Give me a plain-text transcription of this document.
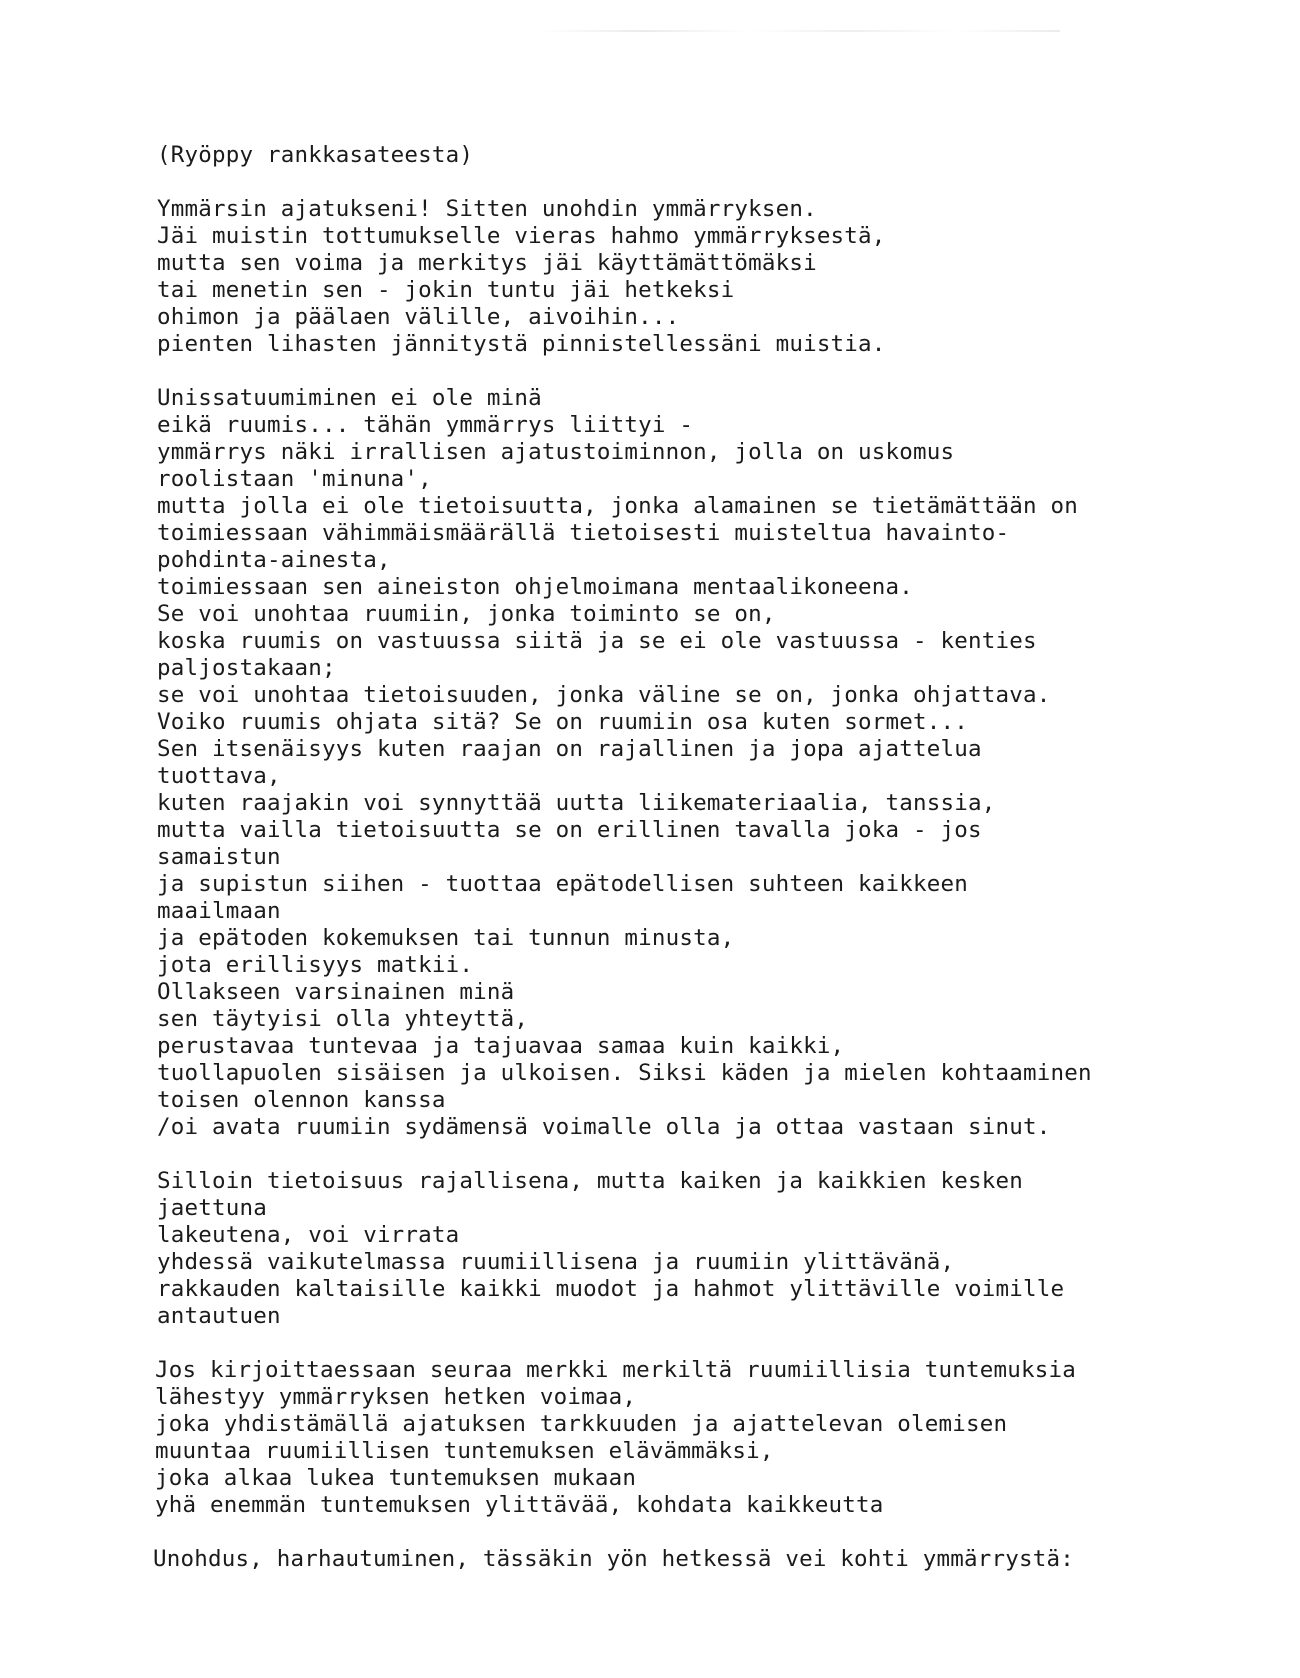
(Ryöppy rankkasateesta)
Ymmärsin ajatukseni! Sitten unohdin ymmärryksen.
Jäi muistin tottumukselle vieras hahmo ymmärryksestä,
mutta sen voima ja merkitys jäi käyttämättömäksi
tai menetin sen - jokin tuntu jäi hetkeksi
ohimon ja päälaen välille, aivoihin...
pienten lihasten jännitystä pinnistellessäni muistia.
Unissatuumiminen ei ole minä
eikä ruumis... tähän ymmärrys liittyi -
ymmärrys näki irrallisen ajatustoiminnon, jolla on uskomus
roolistaan 'minuna',
mutta jolla ei ole tietoisuutta, jonka alamainen se tietämättään on
toimiessaan vähimmäismäärällä tietoisesti muisteltua havainto-
pohdinta-ainesta,
toimiessaan sen aineiston ohjelmoimana mentaalikoneena.
Se voi unohtaa ruumiin, jonka toiminto se on,
koska ruumis on vastuussa siitä ja se ei ole vastuussa - kenties
paljostakaan;
se voi unohtaa tietoisuuden, jonka väline se on, jonka ohjattava.
Voiko ruumis ohjata sitä? Se on ruumiin osa kuten sormet...
Sen itsenäisyys kuten raajan on rajallinen ja jopa ajattelua
tuottava,
kuten raajakin voi synnyttää uutta liikemateriaalia, tanssia,
mutta vailla tietoisuutta se on erillinen tavalla joka - jos
samaistun
ja supistun siihen - tuottaa epätodellisen suhteen kaikkeen
maailmaan
ja epätoden kokemuksen tai tunnun minusta,
jota erillisyys matkii.
Ollakseen varsinainen minä
sen täytyisi olla yhteyttä,
perustavaa tuntevaa ja tajuavaa samaa kuin kaikki,
tuollapuolen sisäisen ja ulkoisen. Siksi käden ja mielen kohtaaminen
toisen olennon kanssa
/oi avata ruumiin sydämensä voimalle olla ja ottaa vastaan sinut.
Silloin tietoisuus rajallisena, mutta kaiken ja kaikkien kesken
jaettuna
lakeutena, voi virrata
yhdessä vaikutelmassa ruumiillisena ja ruumiin ylittävänä,
rakkauden kaltaisille kaikki muodot ja hahmot ylittäville voimille
antautuen
Jos kirjoittaessaan seuraa merkki merkiltä ruumiillisia tuntemuksia
lähestyy ymmärryksen hetken voimaa,
joka yhdistämällä ajatuksen tarkkuuden ja ajattelevan olemisen
muuntaa ruumiillisen tuntemuksen elävämmäksi,
joka alkaa lukea tuntemuksen mukaan
yhä enemmän tuntemuksen ylittävää, kohdata kaikkeutta
Unohdus, harhautuminen, tässäkin yön hetkessä vei kohti ymmärrystä:
